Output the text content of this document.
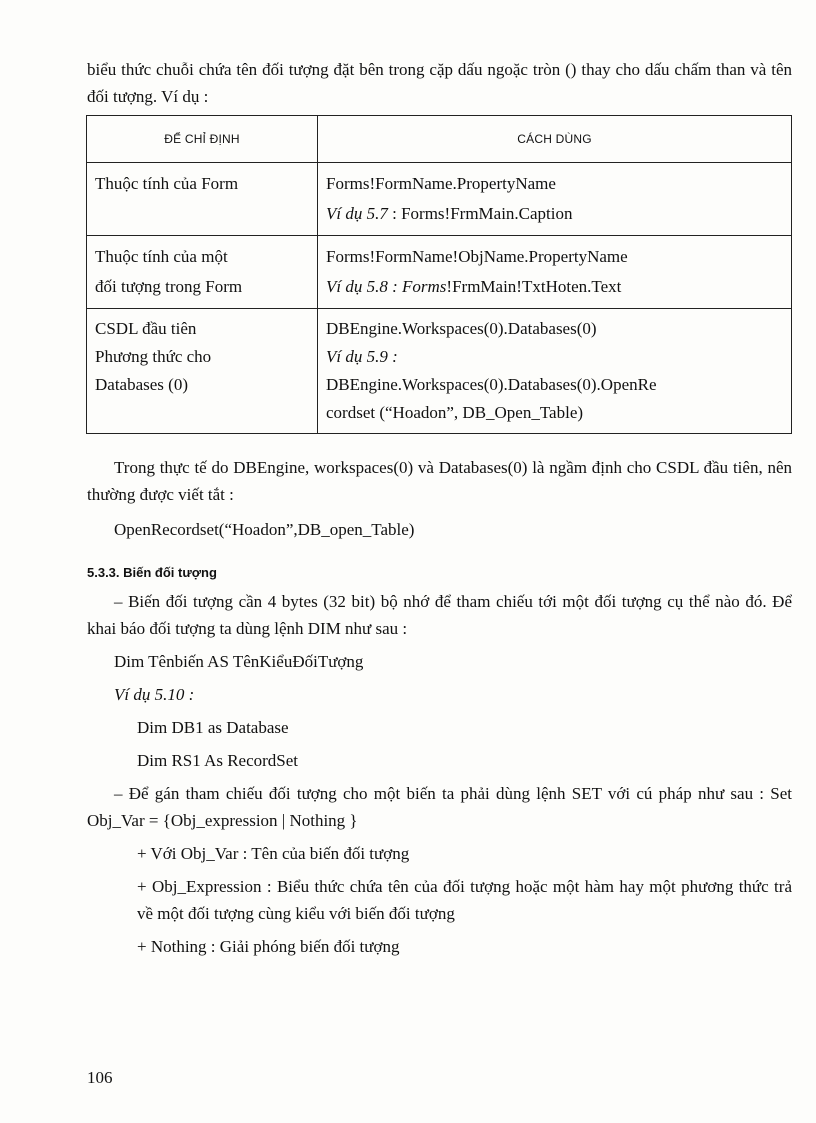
biểu thức chuỗi chứa tên đối tượng đặt bên trong cặp dấu ngoặc tròn () thay cho dấu chấm than và tên đối tượng. Ví dụ :

ĐỂ CHỈ ĐỊNH	CÁCH DÙNG

Thuộc tính của Form	Forms!FormName.PropertyName
Ví dụ 5.7 : Forms!FrmMain.Caption

Thuộc tính của một
đối tượng trong Form	Forms!FormName!ObjName.PropertyName
Ví dụ 5.8 : Forms!FrmMain!TxtHoten.Text

CSDL đầu tiên
Phương thức cho
Databases (0)	DBEngine.Workspaces(0).Databases(0)
Ví dụ 5.9 :
DBEngine.Workspaces(0).Databases(0).OpenRe
cordset (“Hoadon”, DB_Open_Table)

Trong thực tế do DBEngine, workspaces(0) và Databases(0) là ngầm định cho CSDL đầu tiên, nên thường được viết tắt :

OpenRecordset(“Hoadon”,DB_open_Table)

5.3.3. Biến đối tượng

– Biến đối tượng cần 4 bytes (32 bit) bộ nhớ để tham chiếu tới một đối tượng cụ thể nào đó. Để khai báo đối tượng ta dùng lệnh DIM như sau :

Dim Tênbiến AS TênKiểuĐốiTượng

Ví dụ 5.10 :

Dim DB1 as Database

Dim RS1 As RecordSet

– Để gán tham chiếu đối tượng cho một biến ta phải dùng lệnh SET với cú pháp như sau : Set Obj_Var = {Obj_expression | Nothing }

+ Với Obj_Var : Tên của biến đối tượng

+ Obj_Expression : Biểu thức chứa tên của đối tượng hoặc một hàm hay một phương thức trả về một đối tượng cùng kiểu với biến đối tượng

+ Nothing : Giải phóng biến đối tượng

106
